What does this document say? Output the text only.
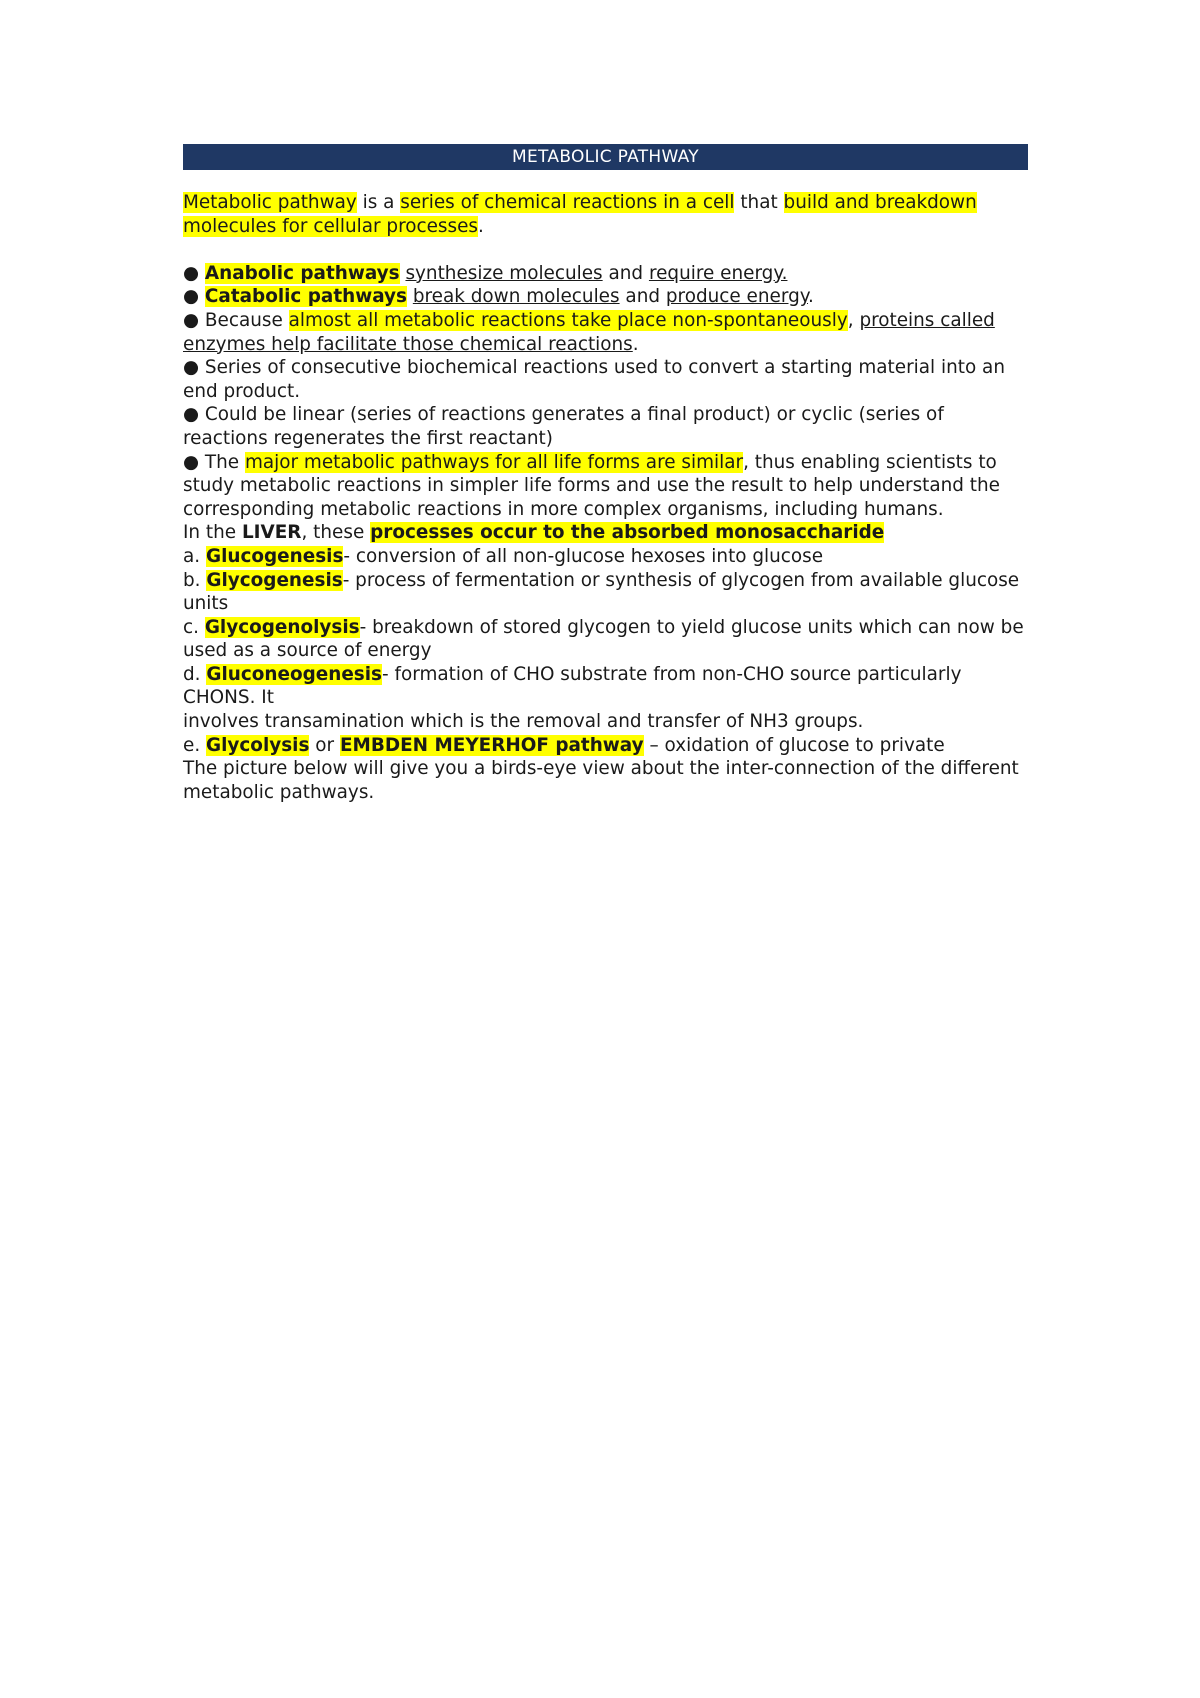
METABOLIC PATHWAY

Metabolic pathway is a series of chemical reactions in a cell that build and breakdown molecules for cellular processes.

● Anabolic pathways synthesize molecules and require energy.

● Catabolic pathways break down molecules and produce energy.

● Because almost all metabolic reactions take place non-spontaneously, proteins called enzymes help facilitate those chemical reactions.

● Series of consecutive biochemical reactions used to convert a starting material into an end product.

● Could be linear (series of reactions generates a final product) or cyclic (series of reactions regenerates the first reactant)

● The major metabolic pathways for all life forms are similar, thus enabling scientists to study metabolic reactions in simpler life forms and use the result to help understand the corresponding metabolic reactions in more complex organisms, including humans.

In the LIVER, these processes occur to the absorbed monosaccharide

a. Glucogenesis- conversion of all non-glucose hexoses into glucose

b. Glycogenesis- process of fermentation or synthesis of glycogen from available glucose units

c. Glycogenolysis- breakdown of stored glycogen to yield glucose units which can now be used as a source of energy

d. Gluconeogenesis- formation of CHO substrate from non-CHO source particularly CHONS. It

involves transamination which is the removal and transfer of NH3 groups.

e. Glycolysis or EMBDEN MEYERHOF pathway – oxidation of glucose to private

The picture below will give you a birds-eye view about the inter-connection of the different metabolic pathways.
